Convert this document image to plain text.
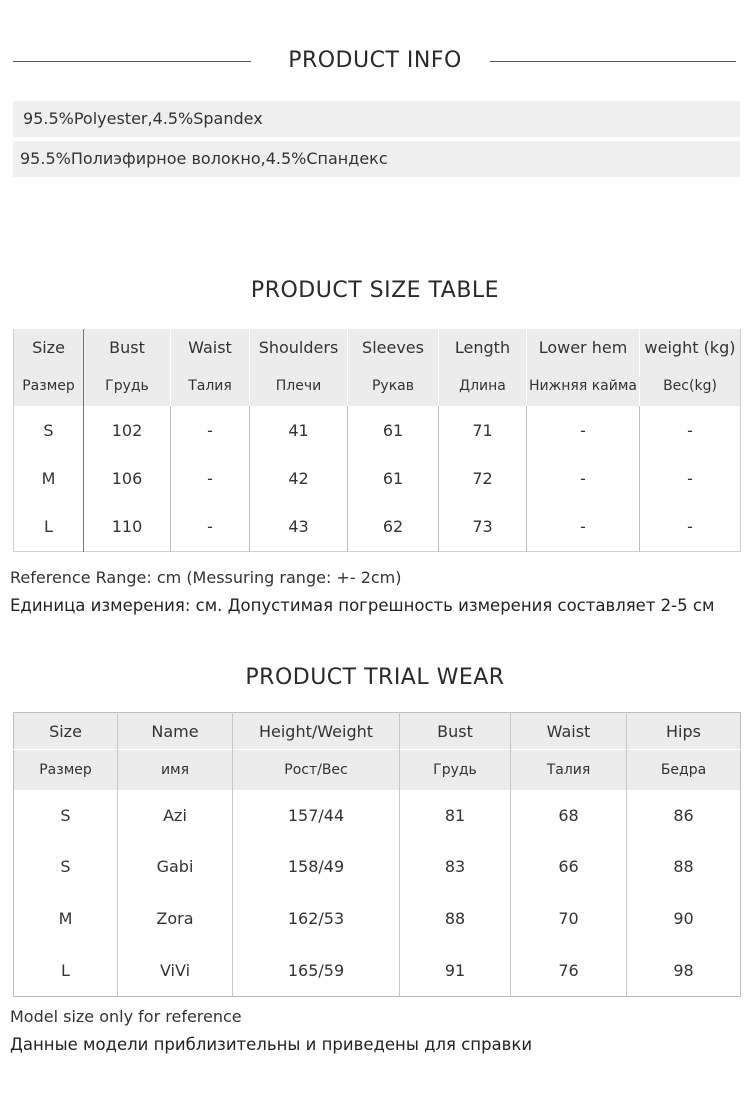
PRODUCT INFO
95.5%Polyester,4.5%Spandex
95.5%Полиэфирное волокно,4.5%Спандекс
PRODUCT SIZE TABLE
Size	Bust	Waist	Shoulders	Sleeves	Length	Lower hem	weight (kg)
Размер	Грудь	Талия	Плечи	Рукав	Длина	Нижняя кайма	Вес(kg)
S	102	-	41	61	71	-	-
M	106	-	42	61	72	-	-
L	110	-	43	62	73	-	-
Reference Range: cm (Messuring range: +- 2cm)
Единица измерения: см. Допустимая погрешность измерения составляет 2-5 см
PRODUCT TRIAL WEAR
Size	Name	Height/Weight	Bust	Waist	Hips
Размер	имя	Рост/Вес	Грудь	Талия	Бедра
S	Azi	157/44	81	68	86
S	Gabi	158/49	83	66	88
M	Zora	162/53	88	70	90
L	ViVi	165/59	91	76	98
Model size only for reference
Данные модели приблизительны и приведены для справки
